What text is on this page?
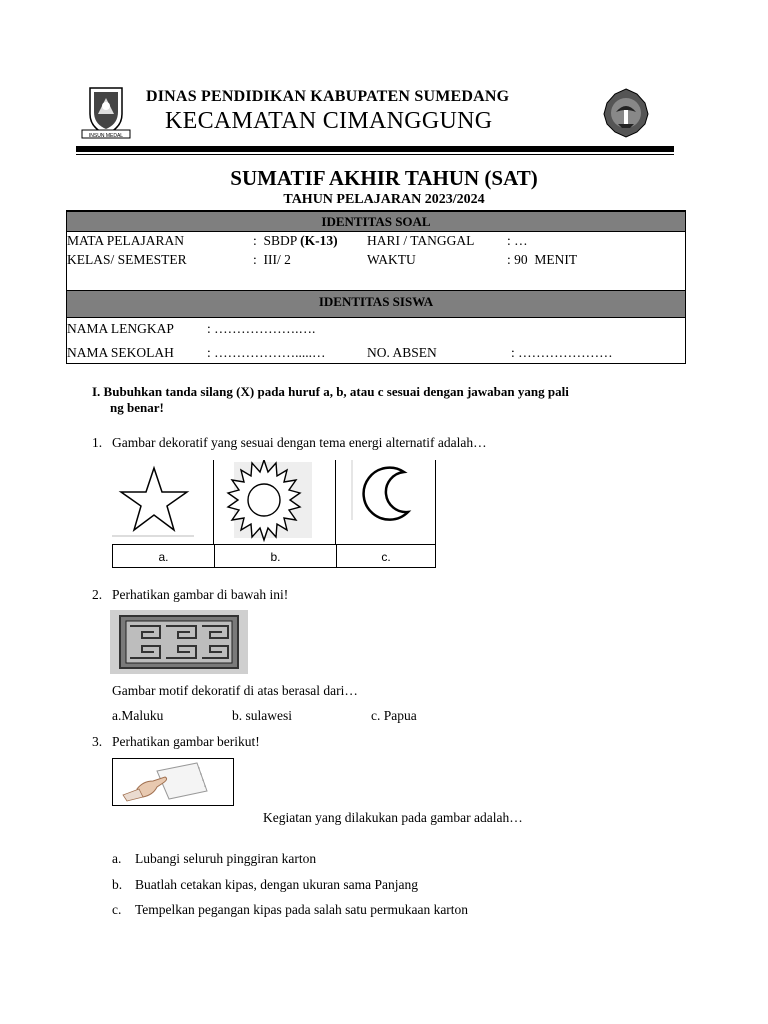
INSUN MEDAL
DINAS PENDIDIKAN KABUPATEN SUMEDANG
KECAMATAN CIMANGGUNG
SUMATIF AKHIR TAHUN (SAT)
TAHUN PELAJARAN 2023/2024
IDENTITAS SOAL
MATA PELAJARAN	:  SBDP (K-13) HARI / TANGGAL : …
KELAS/ SEMESTER	:  III/ 2	WAKTU	: 90  MENIT
IDENTITAS SISWA
NAMA LENGKAP : ……………….….
NAMA SEKOLAH : ……………….....…	NO. ABSEN	: …………………
I. Bubuhkan tanda silang (X) pada huruf a, b, atau c sesuai dengan jawaban yang pali
ng benar!
1. Gambar dekoratif yang sesuai dengan tema energi alternatif adalah…
a.	b.	c.
2. Perhatikan gambar di bawah ini!
Gambar motif dekoratif di atas berasal dari…
a.Maluku	b. sulawesi	c. Papua
3. Perhatikan gambar berikut!
Kegiatan yang dilakukan pada gambar adalah…
a. Lubangi seluruh pinggiran karton
b. Buatlah cetakan kipas, dengan ukuran sama Panjang
c. Tempelkan pegangan kipas pada salah satu permukaan karton
